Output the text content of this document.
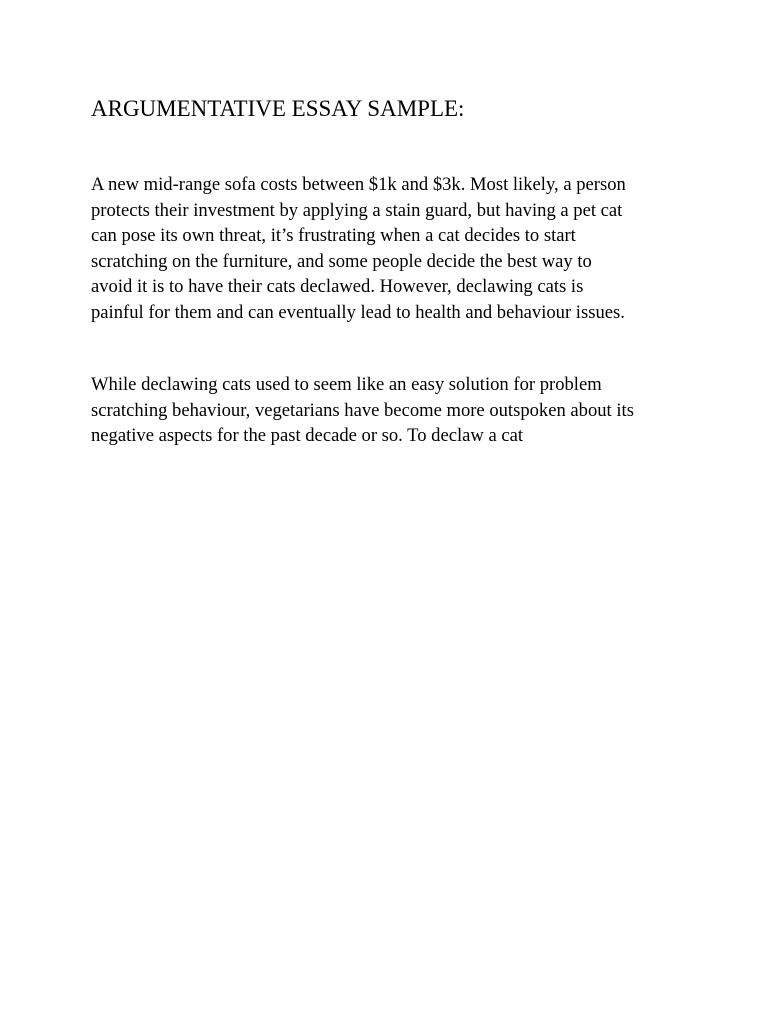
ARGUMENTATIVE ESSAY SAMPLE:

A new mid-range sofa costs between $1k and $3k. Most likely, a person
protects their investment by applying a stain guard, but having a pet cat
can pose its own threat, it’s frustrating when a cat decides to start
scratching on the furniture, and some people decide the best way to
avoid it is to have their cats declawed. However, declawing cats is
painful for them and can eventually lead to health and behaviour issues.

While declawing cats used to seem like an easy solution for problem
scratching behaviour, vegetarians have become more outspoken about its
negative aspects for the past decade or so. To declaw a cat
